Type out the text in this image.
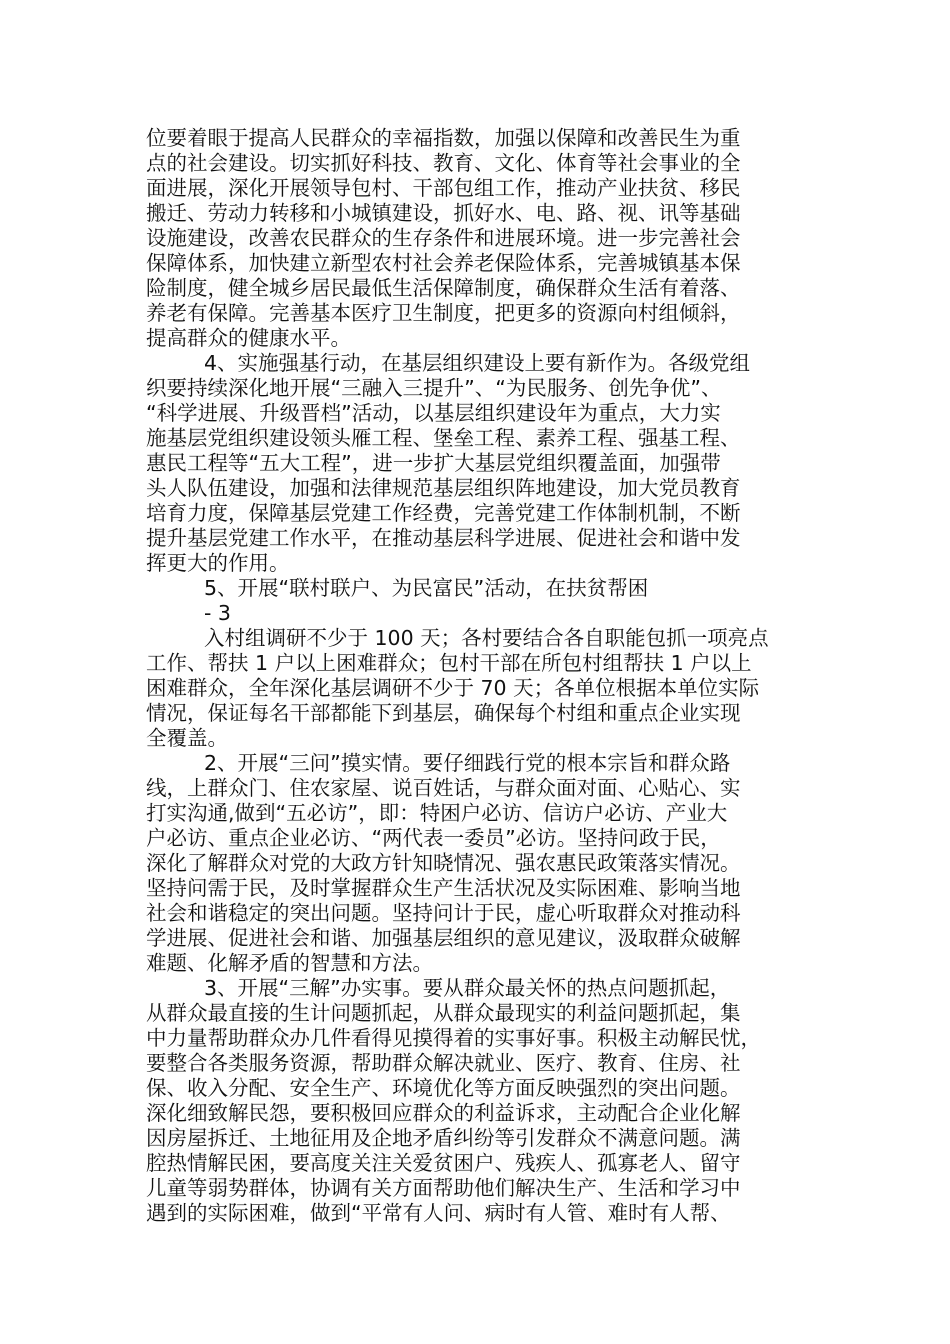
位要着眼于提高人民群众的幸福指数，加强以保障和改善民生为重
点的社会建设。切实抓好科技、教育、文化、体育等社会事业的全
面进展，深化开展领导包村、干部包组工作，推动产业扶贫、移民
搬迁、劳动力转移和小城镇建设，抓好水、电、路、视、讯等基础
设施建设，改善农民群众的生存条件和进展环境。进一步完善社会
保障体系，加快建立新型农村社会养老保险体系，完善城镇基本保
险制度，健全城乡居民最低生活保障制度，确保群众生活有着落、
养老有保障。完善基本医疗卫生制度，把更多的资源向村组倾斜，
提高群众的健康水平。
4、实施强基行动，在基层组织建设上要有新作为。各级党组
织要持续深化地开展“三融入三提升”、“为民服务、创先争优”、
“科学进展、升级晋档”活动，以基层组织建设年为重点，大力实
施基层党组织建设领头雁工程、堡垒工程、素养工程、强基工程、
惠民工程等“五大工程”，进一步扩大基层党组织覆盖面，加强带
头人队伍建设，加强和法律规范基层组织阵地建设，加大党员教育
培育力度，保障基层党建工作经费，完善党建工作体制机制，不断
提升基层党建工作水平，在推动基层科学进展、促进社会和谐中发
挥更大的作用。
5、开展“联村联户、为民富民”活动，在扶贫帮困
- 3
入村组调研不少于 100 天；各村要结合各自职能包抓一项亮点
工作、帮扶 1 户以上困难群众；包村干部在所包村组帮扶 1 户以上
困难群众，全年深化基层调研不少于 70 天；各单位根据本单位实际
情况，保证每名干部都能下到基层，确保每个村组和重点企业实现
全覆盖。
2、开展“三问”摸实情。要仔细践行党的根本宗旨和群众路
线，上群众门、住农家屋、说百姓话，与群众面对面、心贴心、实
打实沟通,做到“五必访”，即：特困户必访、信访户必访、产业大
户必访、重点企业必访、“两代表一委员”必访。坚持问政于民，
深化了解群众对党的大政方针知晓情况、强农惠民政策落实情况。
坚持问需于民，及时掌握群众生产生活状况及实际困难、影响当地
社会和谐稳定的突出问题。坚持问计于民，虚心听取群众对推动科
学进展、促进社会和谐、加强基层组织的意见建议，汲取群众破解
难题、化解矛盾的智慧和方法。
3、开展“三解”办实事。要从群众最关怀的热点问题抓起，
从群众最直接的生计问题抓起，从群众最现实的利益问题抓起，集
中力量帮助群众办几件看得见摸得着的实事好事。积极主动解民忧，
要整合各类服务资源，帮助群众解决就业、医疗、教育、住房、社
保、收入分配、安全生产、环境优化等方面反映强烈的突出问题。
深化细致解民怨，要积极回应群众的利益诉求，主动配合企业化解
因房屋拆迁、土地征用及企地矛盾纠纷等引发群众不满意问题。满
腔热情解民困，要高度关注关爱贫困户、残疾人、孤寡老人、留守
儿童等弱势群体，协调有关方面帮助他们解决生产、生活和学习中
遇到的实际困难，做到“平常有人问、病时有人管、难时有人帮、
